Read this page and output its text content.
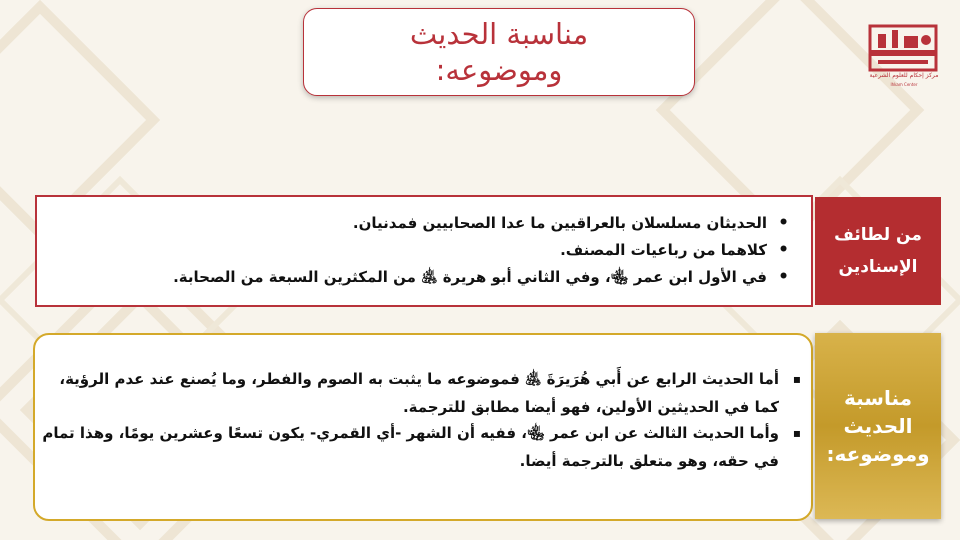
مناسبة الحديث
وموضوعه:	مركز إحكام للعلوم الشرعية
Ihkam Center
• الحديثان مسلسلان بالعراقيين ما عدا الصحابيين فمدنيان.
• كلاهما من رباعيات المصنف.
• في الأول ابن عمر ﵄، وفي الثاني أبو هريرة ﵁ من المكثرين السبعة من الصحابة.
من لطائف
الإسنادين
▪ أما الحديث الرابع عن أَبي هُرَيرَةَ ﵁ فموضوعه ما يثبت به الصوم والفطر، وما يُصنع عند عدم الرؤية، كما في الحديثين الأولين، فهو أيضا مطابق للترجمة.
▪ وأما الحديث الثالث عن ابن عمر ﵄، ففيه أن الشهر -أي القمري- يكون تسعًا وعشرين يومًا، وهذا تمام في حقه، وهو متعلق بالترجمة أيضا.
مناسبة
الحديث
وموضوعه:
